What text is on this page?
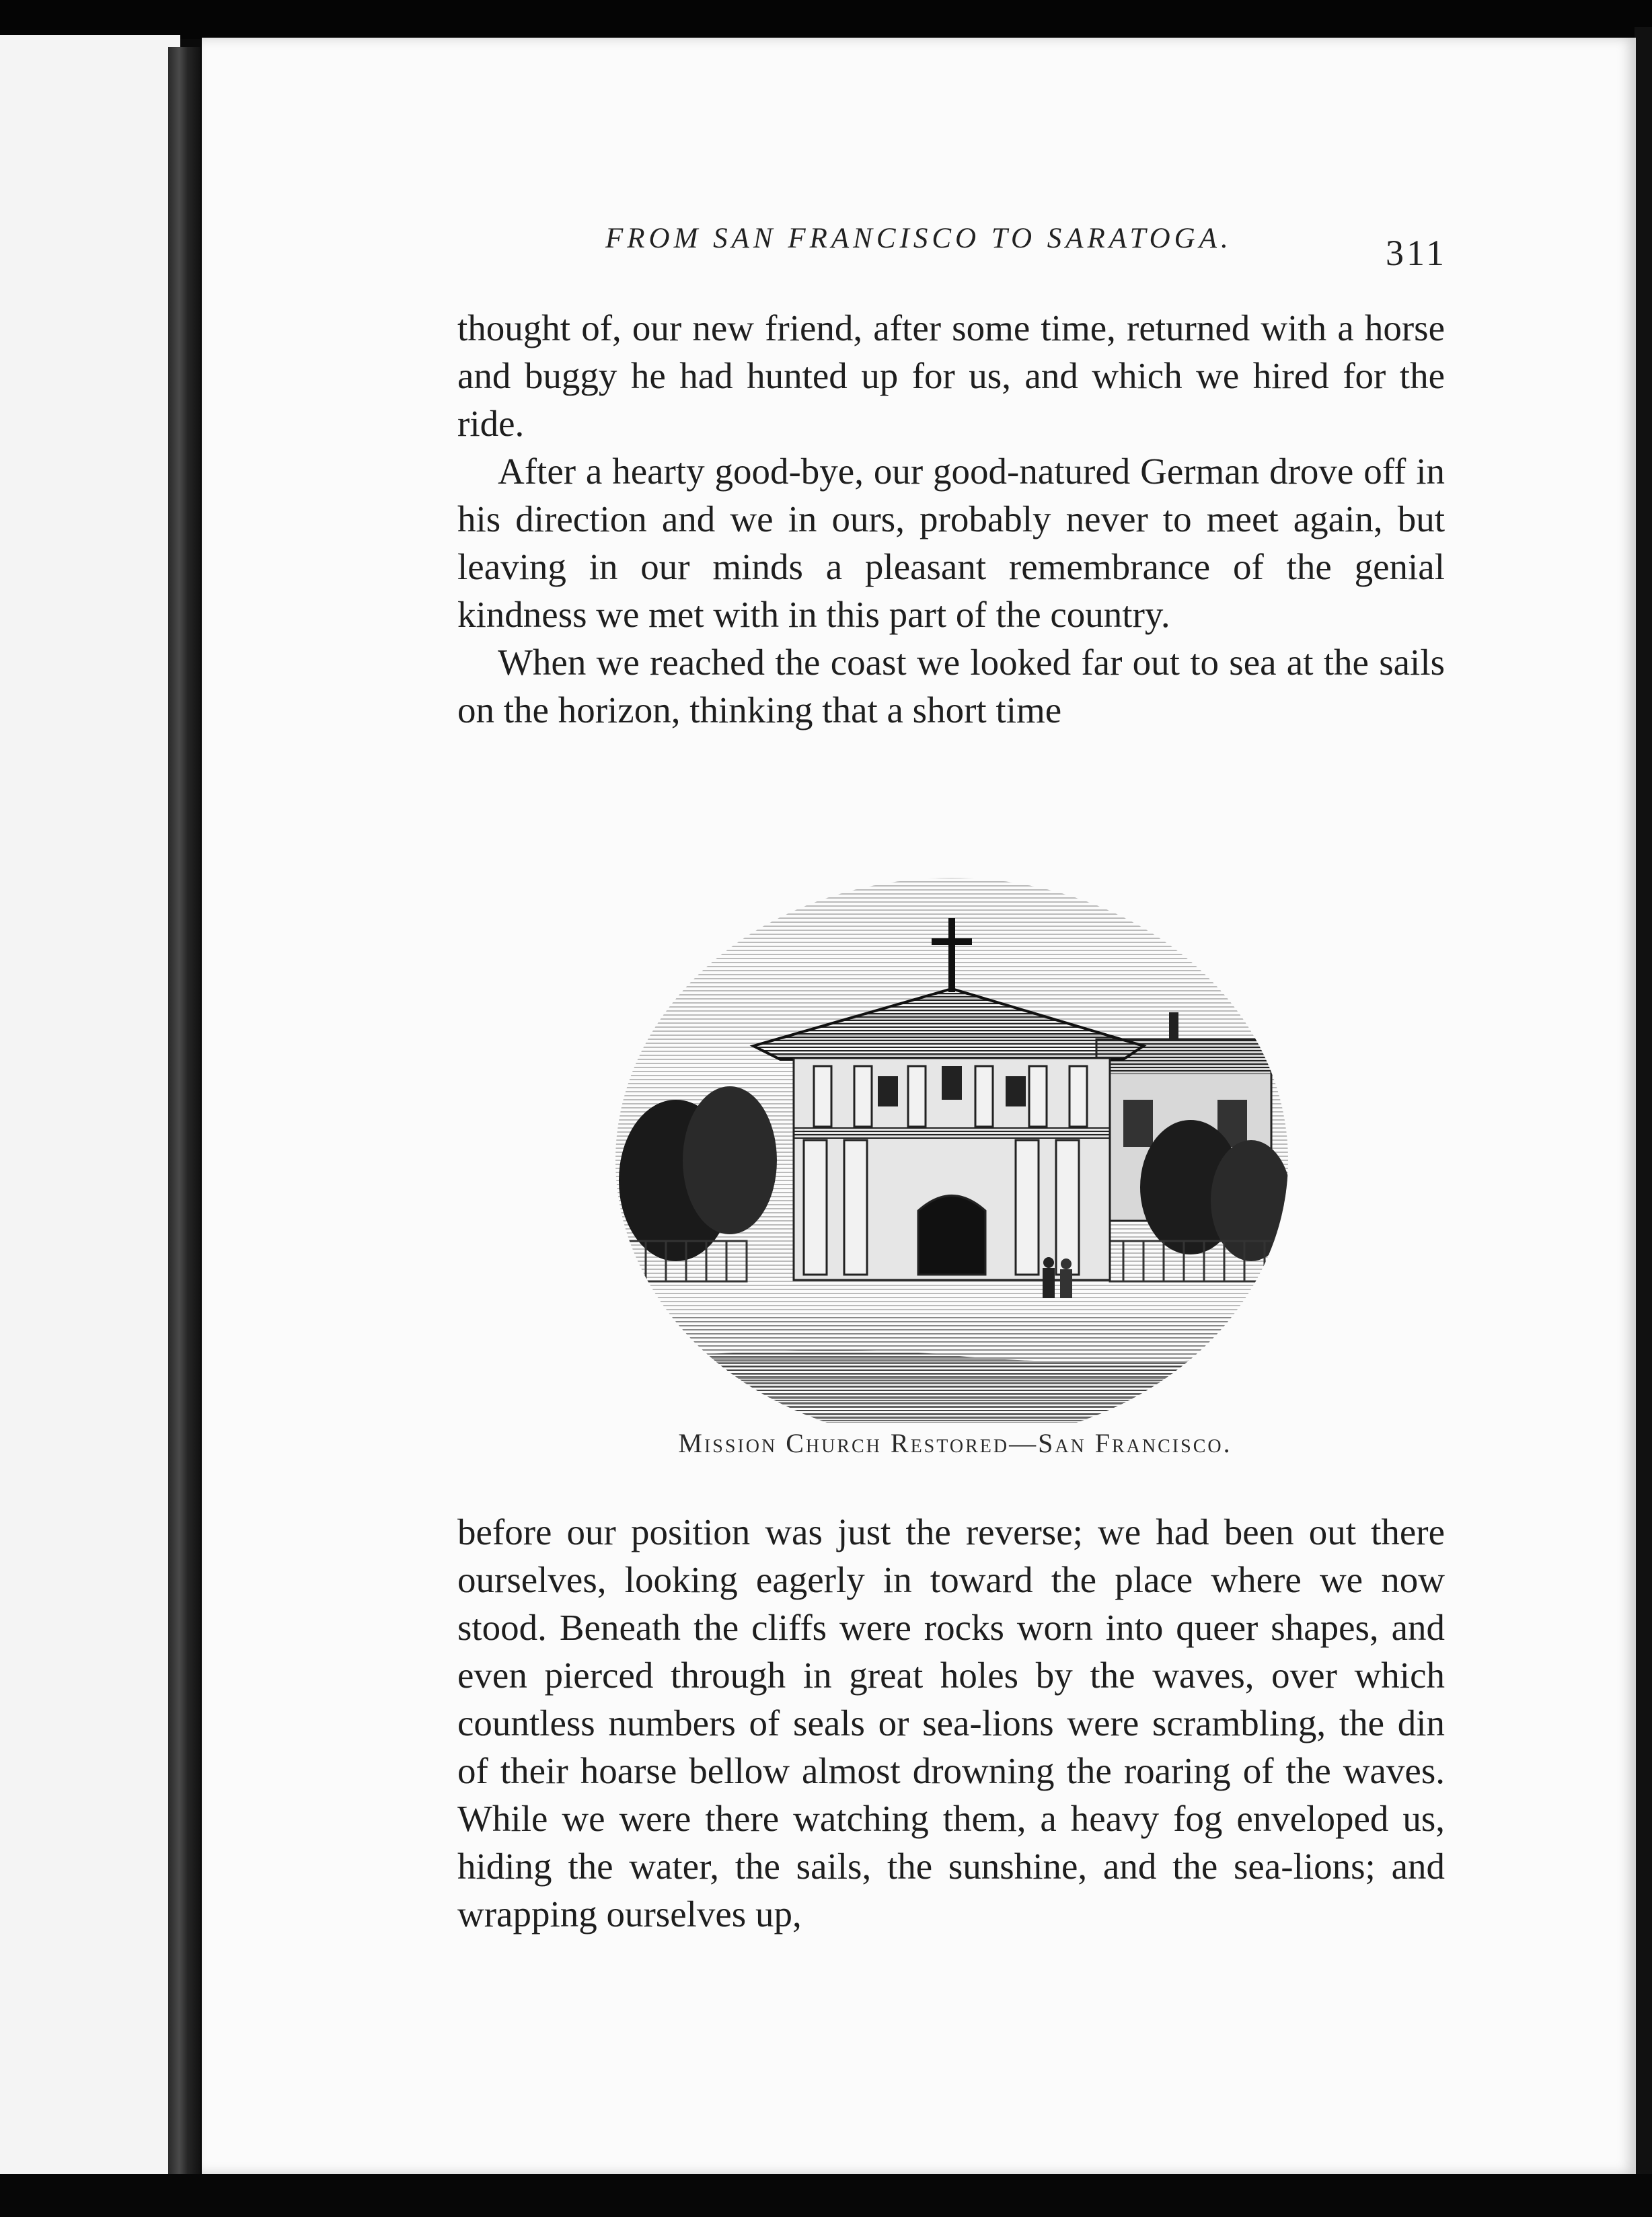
FROM SAN FRANCISCO TO SARATOGA.	311

thought of, our new friend, after some time, returned with a horse and buggy he had hunted up for us, and which we hired for the ride.

After a hearty good-bye, our good-natured German drove off in his direction and we in ours, probably never to meet again, but leaving in our minds a pleasant remembrance of the genial kindness we met with in this part of the country.

When we reached the coast we looked far out to sea at the sails on the horizon, thinking that a short time

Mission Church Restored—San Francisco.

before our position was just the reverse; we had been out there ourselves, looking eagerly in toward the place where we now stood. Beneath the cliffs were rocks worn into queer shapes, and even pierced through in great holes by the waves, over which countless numbers of seals or sea-lions were scrambling, the din of their hoarse bellow almost drowning the roaring of the waves. While we were there watching them, a heavy fog enveloped us, hiding the water, the sails, the sunshine, and the sea-lions; and wrapping ourselves up,
